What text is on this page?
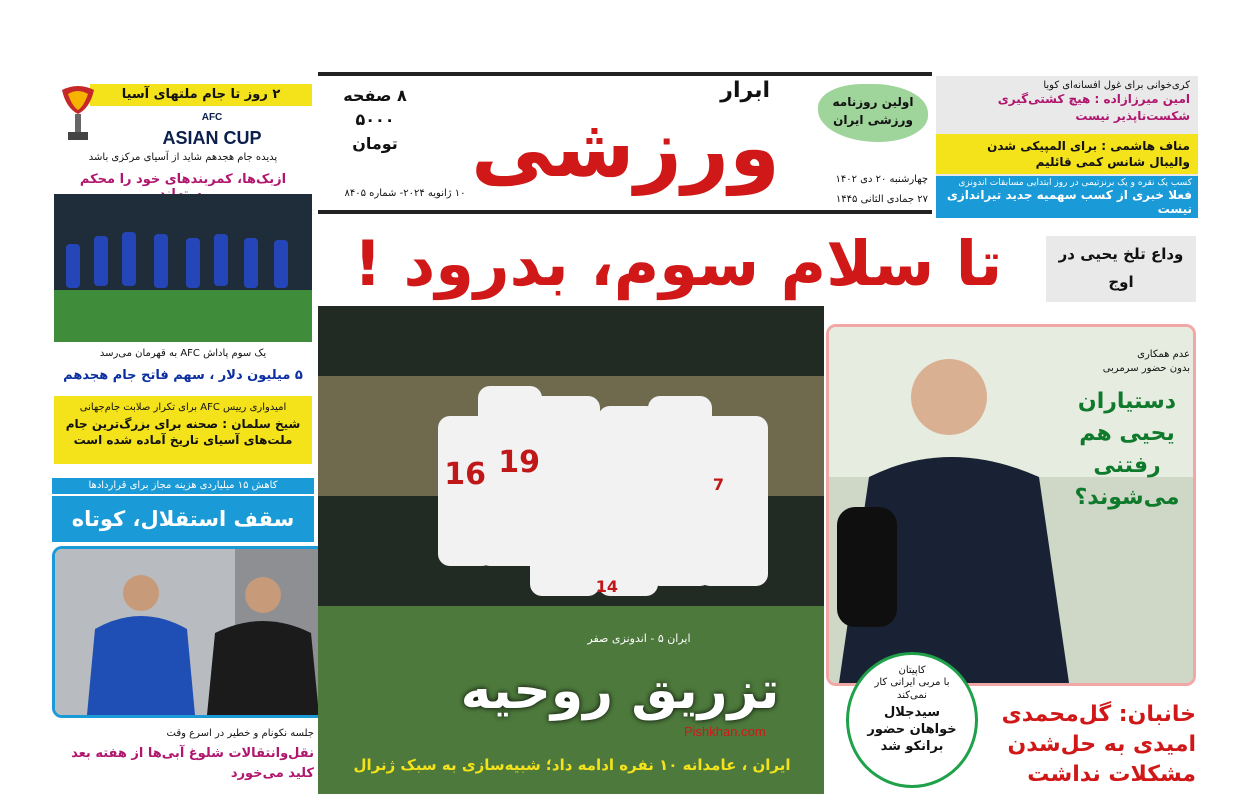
۸ صفحه
۵۰۰۰ تومان
۱۰ ژانویه ۲۰۲۴- شماره ۸۴۰۵
ابرار
ورزشی	اولین روزنامه ورزشی ایران
چهارشنبه ۲۰ دی ۱۴۰۲
۲۷ جمادی الثانی ۱۴۴۵
۲ روز تا جام ملتهای آسیا
AFC
ASIAN CUP
پدیده جام هجدهم شاید از آسیای مرکزی باشد
ازبک‌ها، کمربندهای خود را محکم
یک سوم پاداش AFC به قهرمان می‌رسد
۵ میلیون دلار ، سهم فاتح جام هجدهم
امیدواری رییس AFC برای تکرار صلابت جام‌جهانی
شیخ سلمان : صحنه برای بزرگ‌ترین جام ملت‌های آسیای تاریخ آماده شده است
کاهش ۱۵ میلیاردی هزینه مجاز برای قراردادها
سقف استقلال، کوتاه
جلسه نکونام و خطیر در اسرع وقت
نقل‌وانتقالات شلوغ آبی‌ها از هفته بعد کلید می‌خورد
کری‌خوانی برای غول افسانه‌ای کوبا
امین میرزازاده : هیچ کشتی‌گیری شکست‌ناپذیر نیست
مناف هاشمی : برای المپیکی شدن والیبال شانس کمی قائلیم
کسب یک نقره و یک برنز‌تیمی در روز ابتدایی مسابقات اندونزی
فعلا خبری از کسب سهمیه جدید تیراندازی نیست
تا سلام سوم، بدرود !	وداع تلخ یحیی در اوج
16 19
7
14
ایران ۵ - اندونزی صفر
تزریق روحیه
ایران ، عامدانه ۱۰ نفره ادامه داد؛ شبیه‌سازی به سبک ژنرال
Pishkhan.com
عدم همکاری
بدون حضور سرمربی
دستیاران یحیی هم رفتنی می‌شوند؟
کاپیتان
با مربی ایرانی کار نمی‌کند
سیدجلال خواهان حضور برانکو شد
خانبان: گل‌محمدی امیدی به حل‌شدن مشکلات نداشت
